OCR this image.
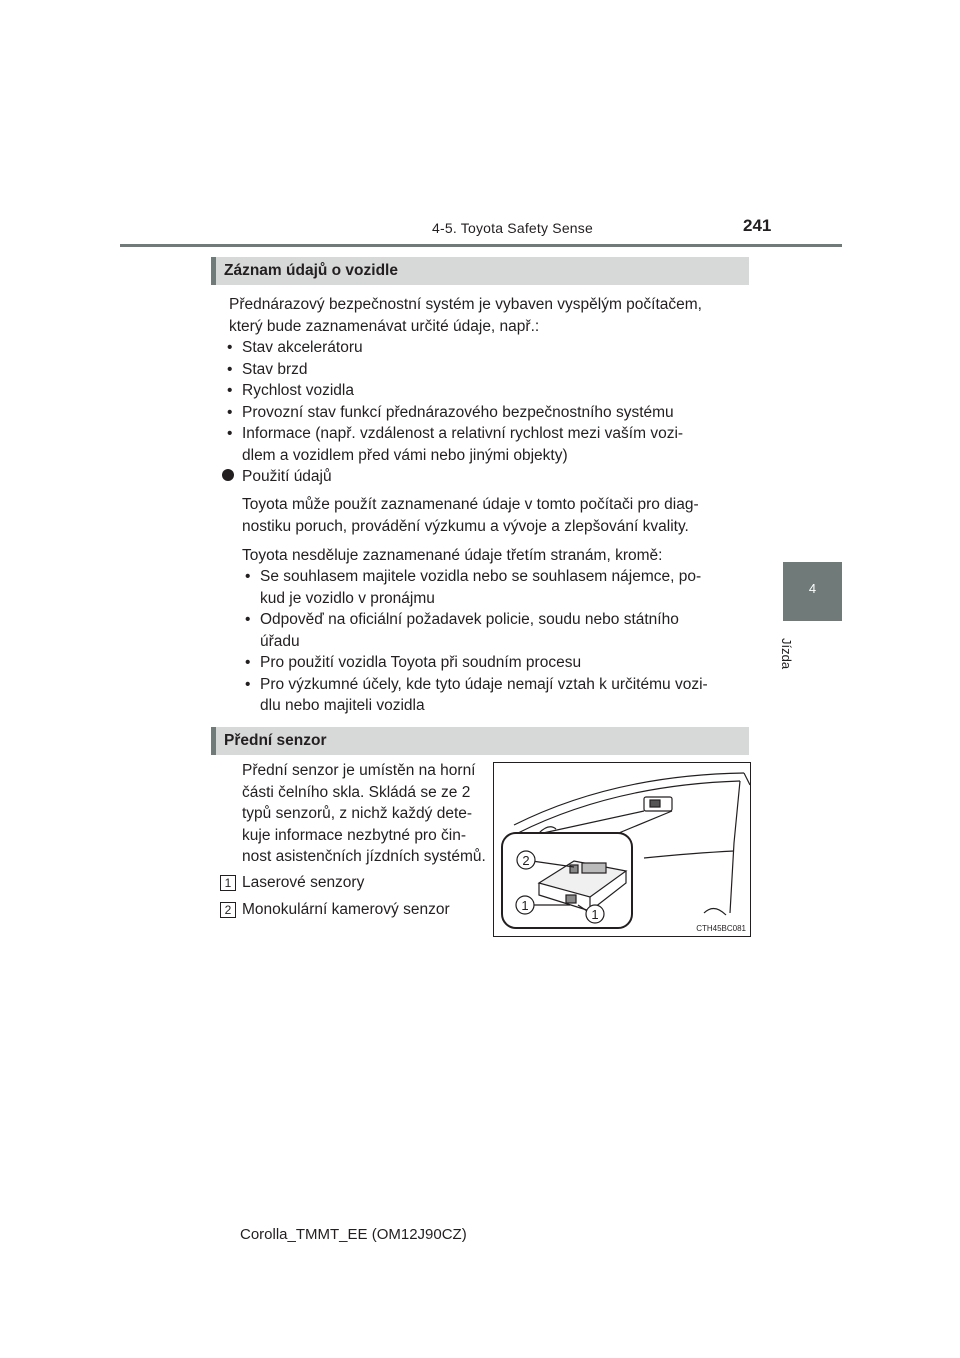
4-5. Toyota Safety Sense	241
4
Jízda
Záznam údajů o vozidle
Přednárazový bezpečnostní systém je vybaven vyspělým počítačem,
který bude zaznamenávat určité údaje, např.:
• Stav akcelerátoru
• Stav brzd
• Rychlost vozidla
• Provozní stav funkcí přednárazového bezpečnostního systému
• Informace (např. vzdálenost a relativní rychlost mezi vaším vozi-
dlem a vozidlem před vámi nebo jinými objekty)
Použití údajů
Toyota může použít zaznamenané údaje v tomto počítači pro diag-
nostiku poruch, provádění výzkumu a vývoje a zlepšování kvality.
Toyota nesděluje zaznamenané údaje třetím stranám, kromě:
• Se souhlasem majitele vozidla nebo se souhlasem nájemce, po-
kud je vozidlo v pronájmu
• Odpověď na oficiální požadavek policie, soudu nebo státního
úřadu
• Pro použití vozidla Toyota při soudním procesu
• Pro výzkumné účely, kde tyto údaje nemají vztah k určitému vozi-
dlu nebo majiteli vozidla
Přední senzor
Přední senzor je umístěn na horní
části čelního skla. Skládá se ze 2
typů senzorů, z nichž každý dete-
kuje informace nezbytné pro čin-
nost asistenčních jízdních systémů.
1 Laserové senzory
2 Monokulární kamerový senzor
2
1
1
CTH45BC081
Corolla_TMMT_EE (OM12J90CZ)
